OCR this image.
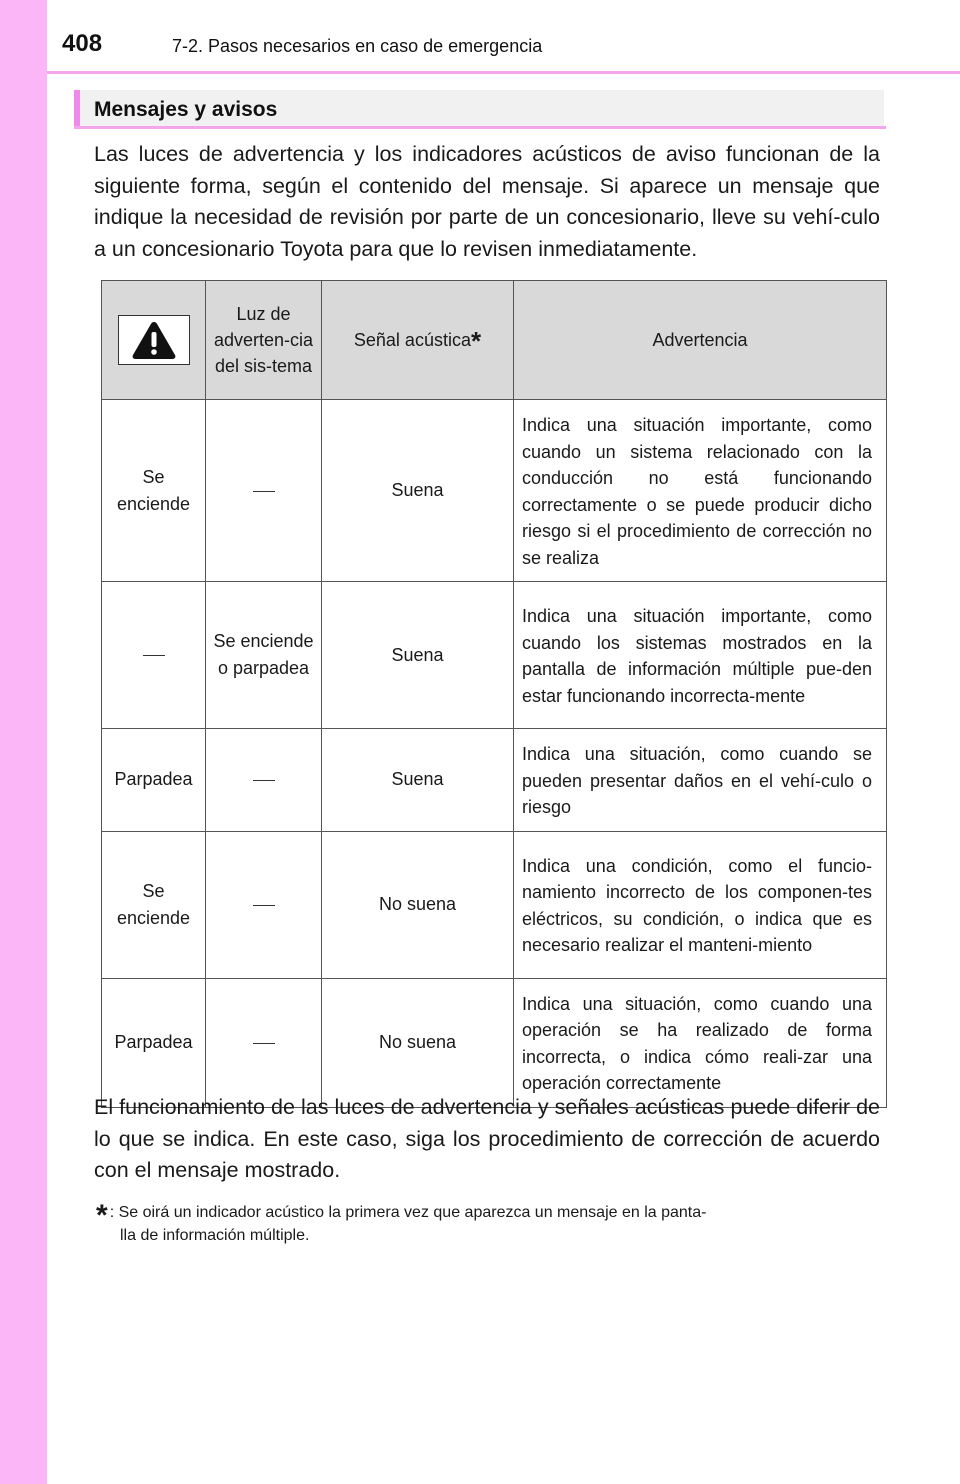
408	7-2. Pasos necesarios en caso de emergencia
Mensajes y avisos

Las luces de advertencia y los indicadores acústicos de aviso funcionan de la siguiente forma, según el contenido del mensaje. Si aparece un mensaje que indique la necesidad de revisión por parte de un concesionario, lleve su vehí-culo a un concesionario Toyota para que lo revisen inmediatamente.

	Luz de adverten-cia del sis-tema	Señal acústica*	Advertencia
Se enciende		Suena	Indica una situación importante, como cuando un sistema relacionado con la conducción no está funcionando correctamente o se puede producir dicho riesgo si el procedimiento de corrección no se realiza
	Se enciende o parpadea	Suena	Indica una situación importante, como cuando los sistemas mostrados en la pantalla de información múltiple pue-den estar funcionando incorrecta-mente
Parpadea		Suena	Indica una situación, como cuando se pueden presentar daños en el vehí-culo o riesgo
Se enciende		No suena	Indica una condición, como el funcio-namiento incorrecto de los componen-tes eléctricos, su condición, o indica que es necesario realizar el manteni-miento
Parpadea		No suena	Indica una situación, como cuando una operación se ha realizado de forma incorrecta, o indica cómo reali-zar una operación correctamente

El funcionamiento de las luces de advertencia y señales acústicas puede diferir de lo que se indica. En este caso, siga los procedimiento de corrección de acuerdo con el mensaje mostrado.

* : Se oirá un indicador acústico la primera vez que aparezca un mensaje en la panta-
lla de información múltiple.
